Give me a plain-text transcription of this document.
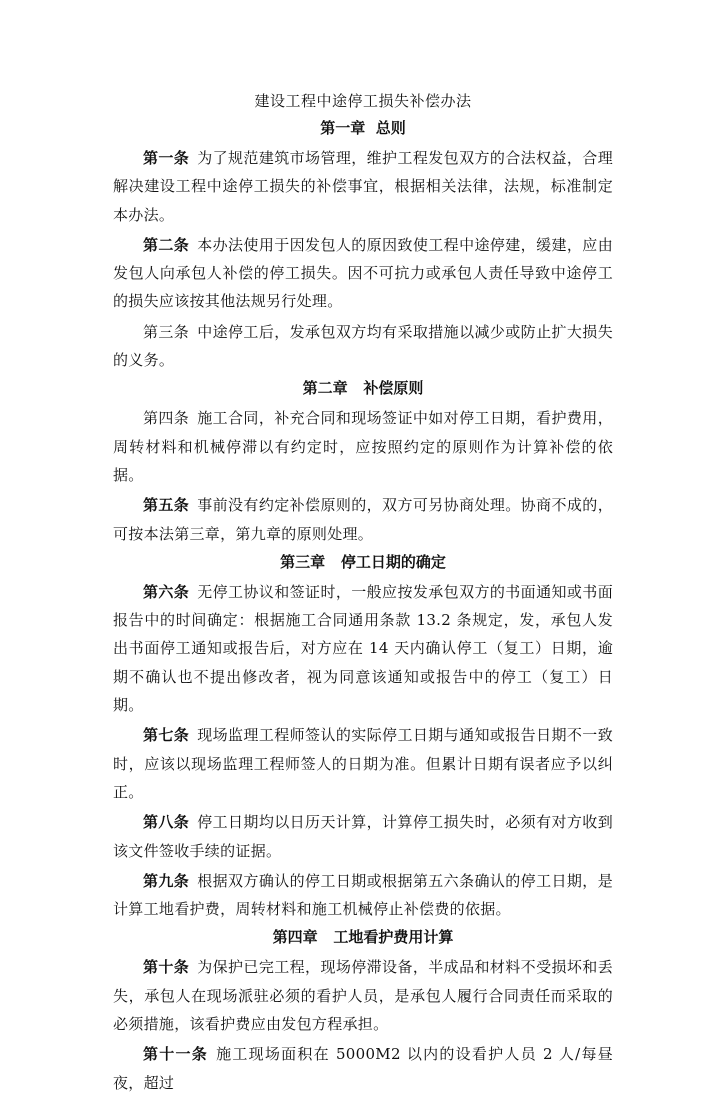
建设工程中途停工损失补偿办法
第一章  总则

第一条 为了规范建筑市场管理，维护工程发包双方的合法权益，合理解决建设工程中途停工损失的补偿事宜，根据相关法律，法规，标准制定本办法。

第二条 本办法使用于因发包人的原因致使工程中途停建，缓建，应由发包人向承包人补偿的停工损失。因不可抗力或承包人责任导致中途停工的损失应该按其他法规另行处理。

第三条 中途停工后，发承包双方均有采取措施以减少或防止扩大损失的义务。

第二章   补偿原则

第四条 施工合同，补充合同和现场签证中如对停工日期，看护费用，周转材料和机械停滞以有约定时，应按照约定的原则作为计算补偿的依据。

第五条 事前没有约定补偿原则的，双方可另协商处理。协商不成的，可按本法第三章，第九章的原则处理。

第三章   停工日期的确定

第六条 无停工协议和签证时，一般应按发承包双方的书面通知或书面报告中的时间确定：根据施工合同通用条款 13.2 条规定，发，承包人发出书面停工通知或报告后，对方应在 14 天内确认停工（复工）日期，逾期不确认也不提出修改者，视为同意该通知或报告中的停工（复工）日期。

第七条 现场监理工程师签认的实际停工日期与通知或报告日期不一致时，应该以现场监理工程师签人的日期为准。但累计日期有误者应予以纠正。

第八条 停工日期均以日历天计算，计算停工损失时，必须有对方收到该文件签收手续的证据。

第九条 根据双方确认的停工日期或根据第五六条确认的停工日期，是计算工地看护费，周转材料和施工机械停止补偿费的依据。

第四章   工地看护费用计算

第十条 为保护已完工程，现场停滞设备，半成品和材料不受损坏和丢失，承包人在现场派驻必须的看护人员，是承包人履行合同责任而采取的必须措施，该看护费应由发包方程承担。

第十一条 施工现场面积在 5000M2 以内的设看护人员 2 人/每昼夜，超过
